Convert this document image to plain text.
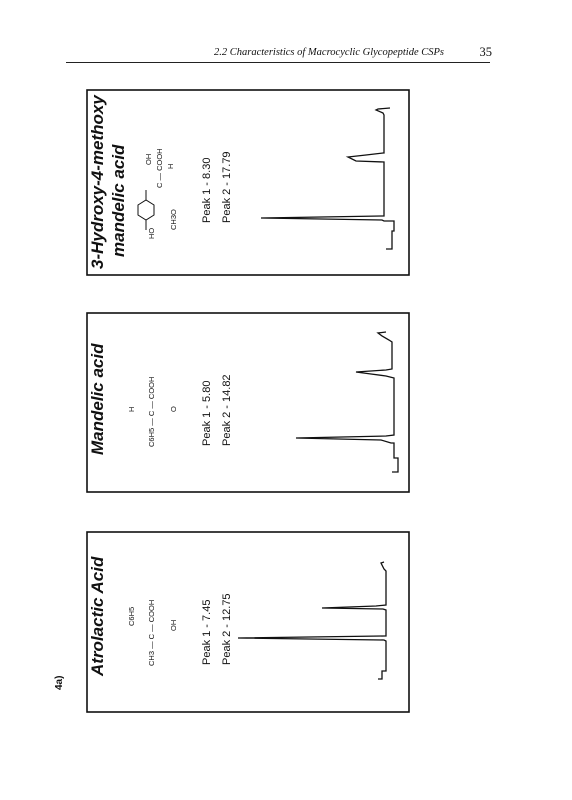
2.2 Characteristics of Macrocyclic Glycopeptide CSPs	35
4a)
3-Hydroxy-4-methoxy mandelic acid OH
HO
C — COOH H
CH3O Peak 1 - 8.30 Peak 2 - 17.79
Mandelic acid	H C6H5 — C — COOH O Peak 1 - 5.80 Peak 2 - 14.82
Atrolactic Acid	C6H5 CH3 — C — COOH OH Peak 1 - 7.45 Peak 2 - 12.75
